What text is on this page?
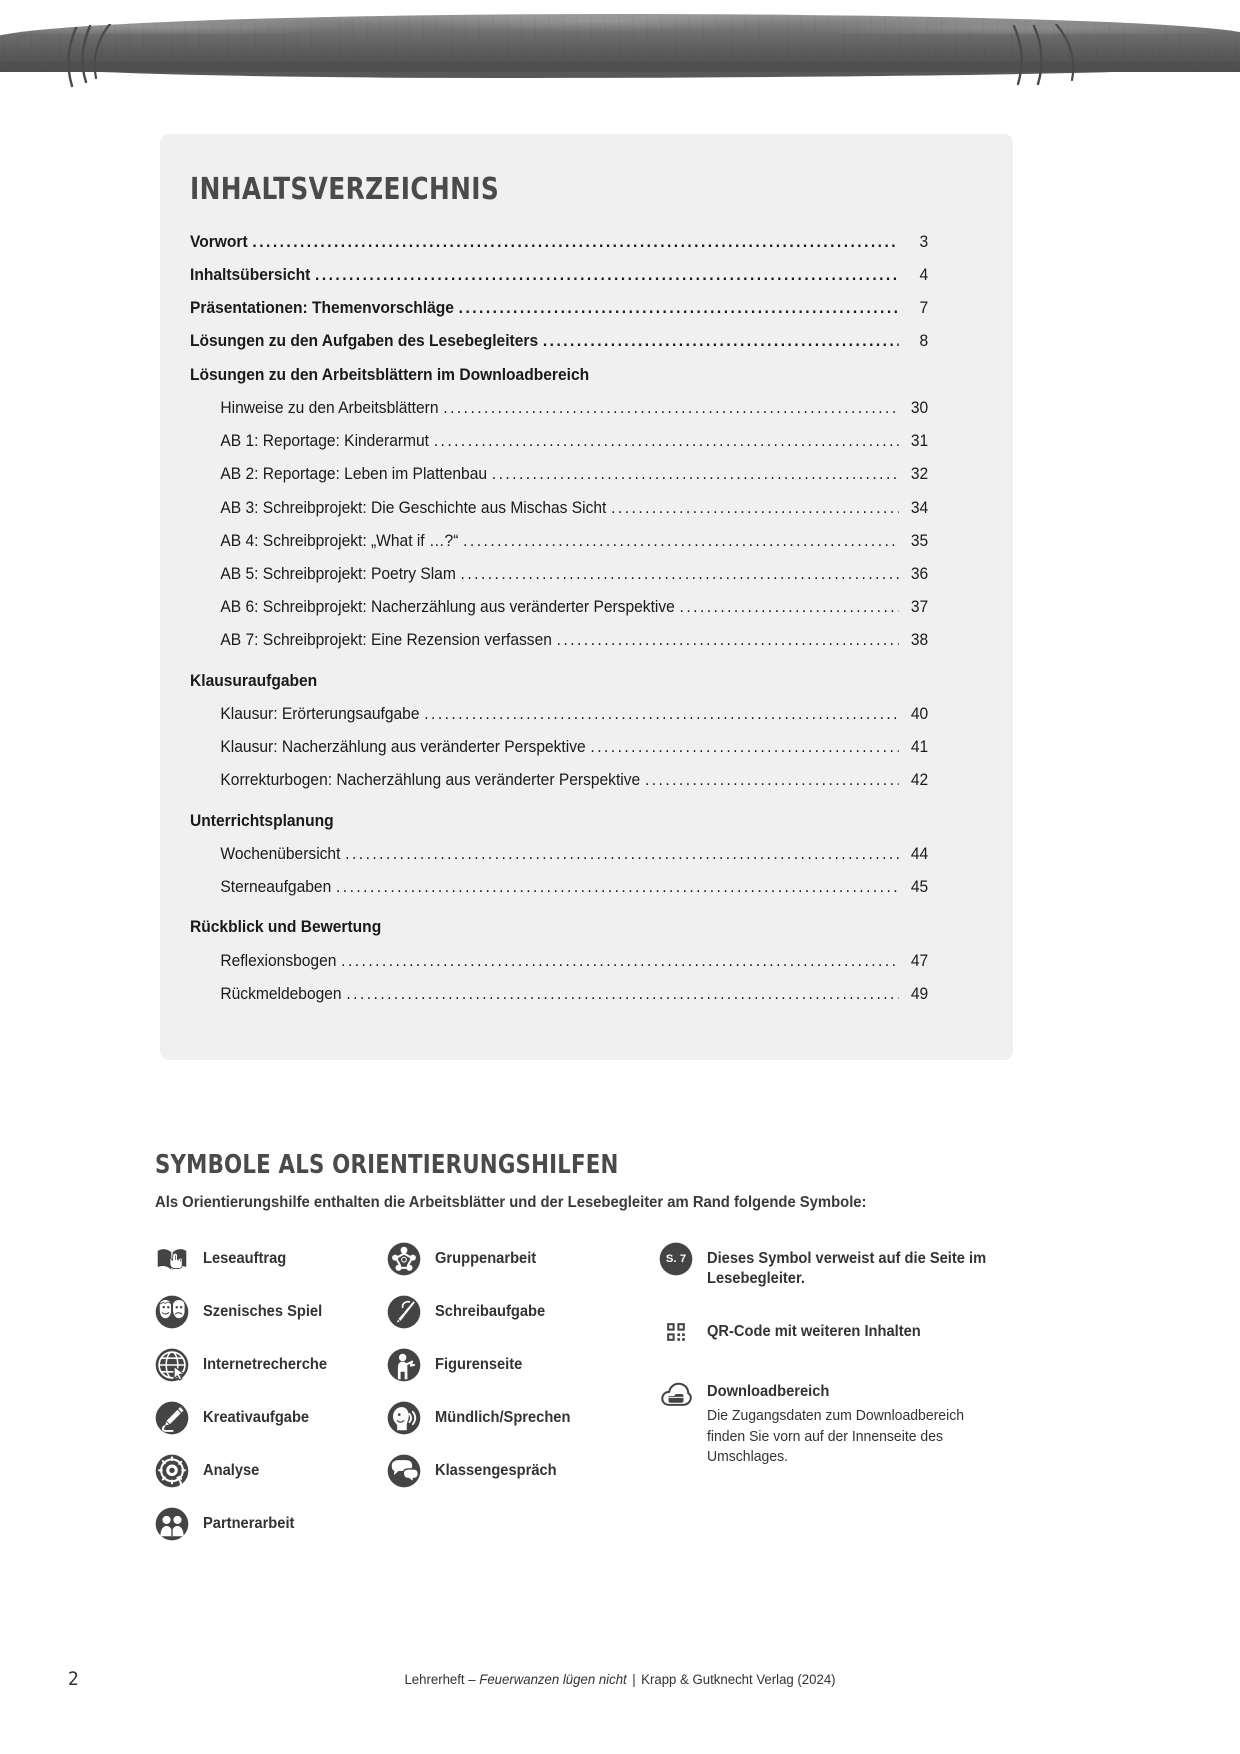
INHALTSVERZEICHNIS
Vorwort .....	3
Inhaltsübersicht .....	4
Präsentationen: Themenvorschläge .....	7
Lösungen zu den Aufgaben des Lesebegleiters .....	8
Lösungen zu den Arbeitsblättern im Downloadbereich
Hinweise zu den Arbeitsblättern .....	30
AB 1: Reportage: Kinderarmut .....	31
AB 2: Reportage: Leben im Plattenbau .....	32
AB 3: Schreibprojekt: Die Geschichte aus Mischas Sicht .....	34
AB 4: Schreibprojekt: „What if …?“ .....	35
AB 5: Schreibprojekt: Poetry Slam .....	36
AB 6: Schreibprojekt: Nacherzählung aus veränderter Perspektive .....	37
AB 7: Schreibprojekt: Eine Rezension verfassen .....	38
Klausuraufgaben
Klausur: Erörterungsaufgabe .....	40
Klausur: Nacherzählung aus veränderter Perspektive .....	41
Korrekturbogen: Nacherzählung aus veränderter Perspektive .....	42
Unterrichtsplanung
Wochenübersicht .....	44
Sterneaufgaben .....	45
Rückblick und Bewertung
Reflexionsbogen .....	47
Rückmeldebogen .....	49
SYMBOLE ALS ORIENTIERUNGSHILFEN

Als Orientierungshilfe enthalten die Arbeitsblätter und der Lesebegleiter am Rand folgende Symbole:

Leseauftrag
Szenisches Spiel
Internetrecherche
Kreativaufgabe
Analyse
Partnerarbeit
Gruppenarbeit
Schreibaufgabe
Figurenseite
Mündlich/Sprechen
Klassengespräch
S. 7	Dieses Symbol verweist auf die Seite im Lesebegleiter.
QR-Code mit weiteren Inhalten
Downloadbereich
Die Zugangsdaten zum Downloadbereich finden Sie vorn auf der Innenseite des Umschlages.
2	Lehrerheft – Feuerwanzen lügen nicht | Krapp & Gutknecht Verlag (2024)
